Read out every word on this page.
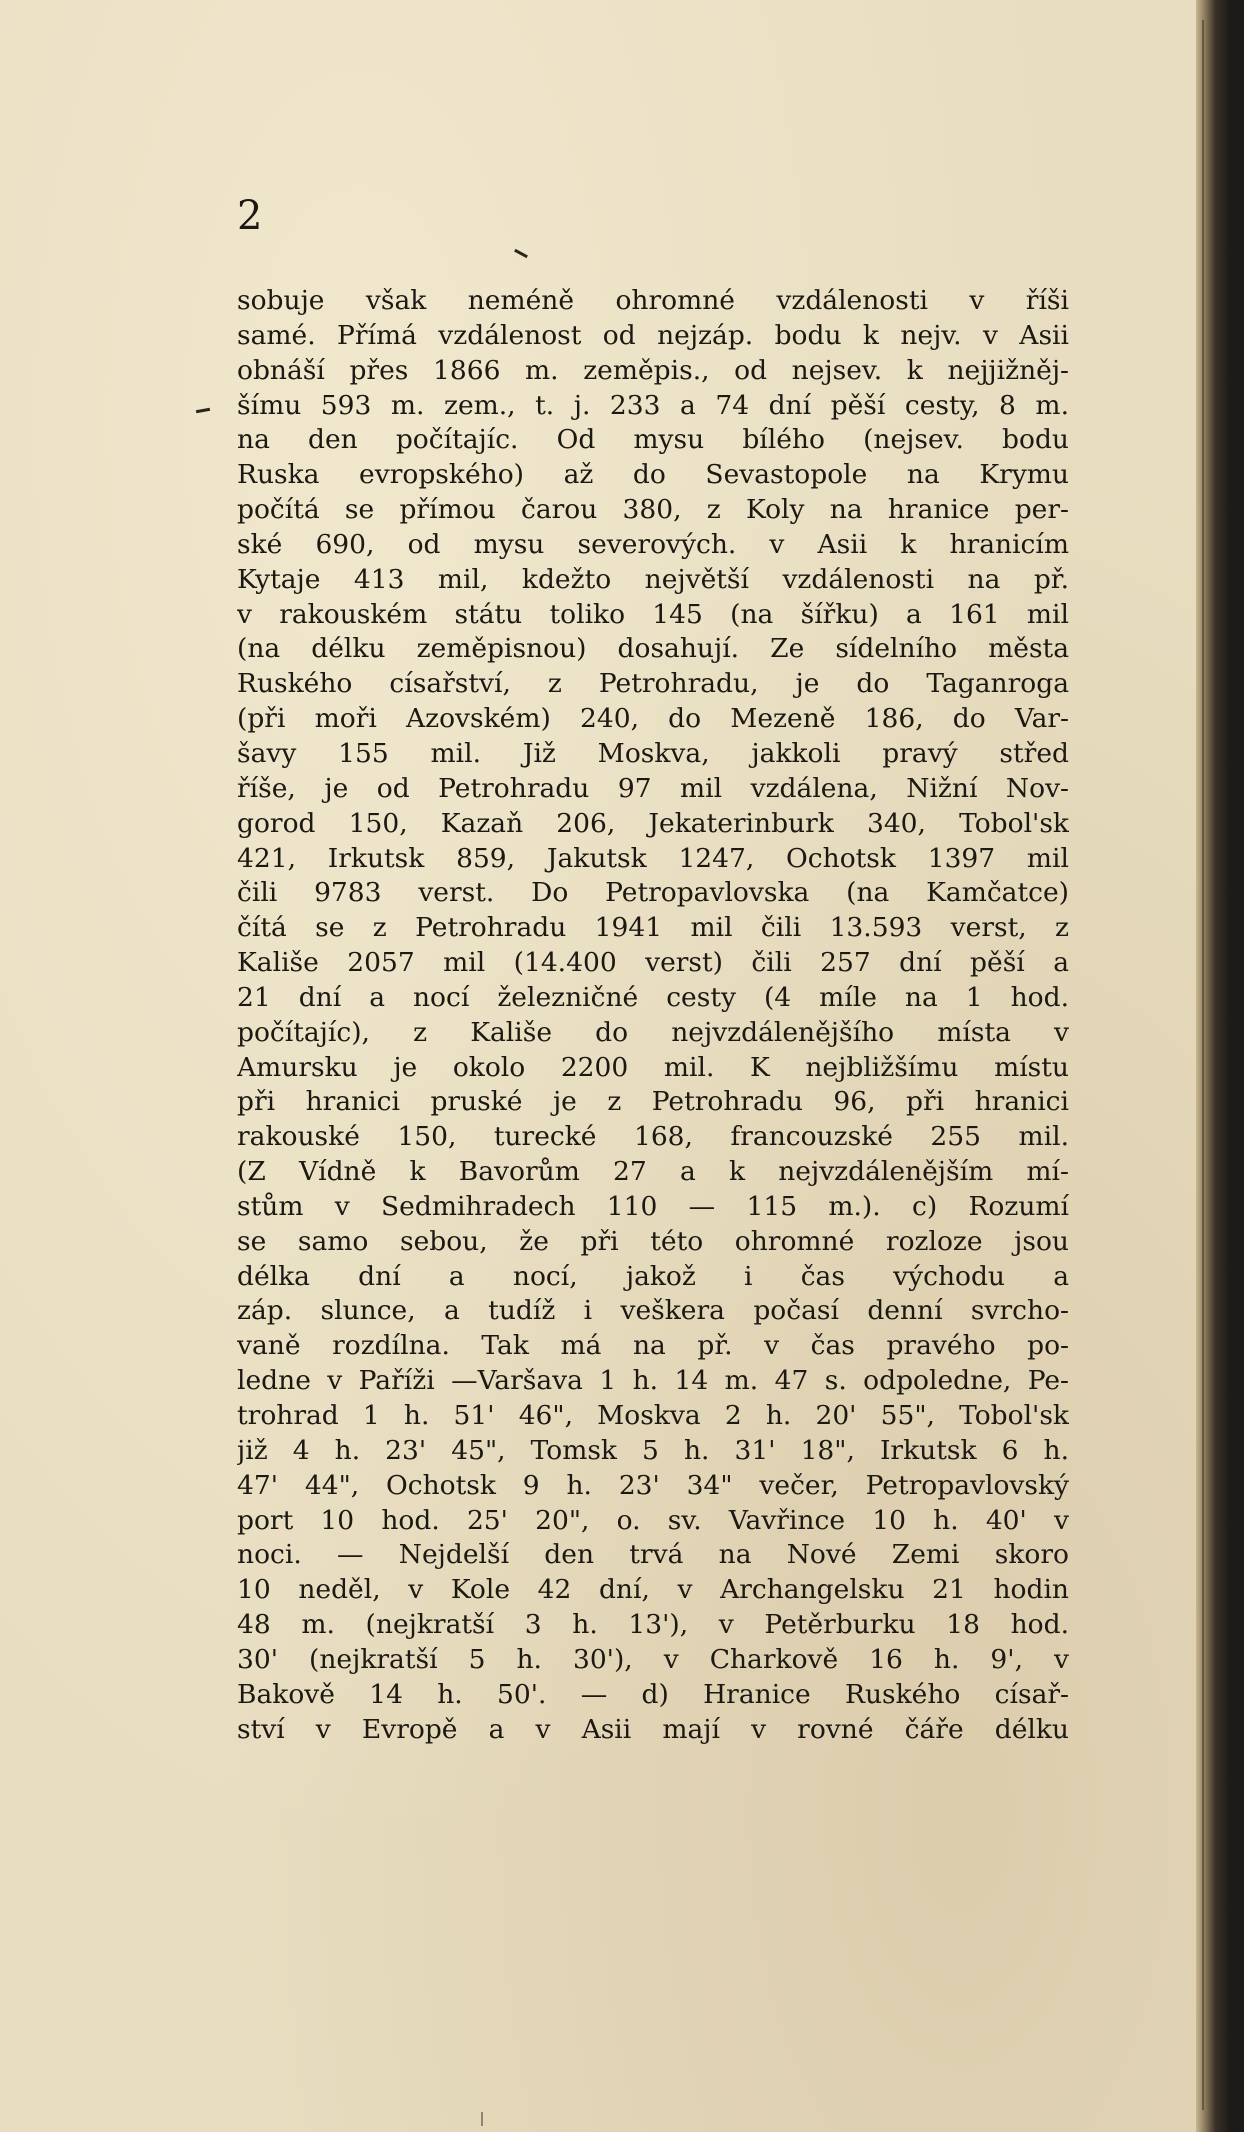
2
sobuje však neméně ohromné vzdálenosti v říši
samé. Přímá vzdálenost od nejzáp. bodu k nejv. v Asii
obnáší přes 1866 m. zeměpis., od nejsev. k nejjižněj-
šímu 593 m. zem., t. j. 233 a 74 dní pěší cesty, 8 m.
na den počítajíc. Od mysu bílého (nejsev. bodu
Ruska evropského) až do Sevastopole na Krymu
počítá se přímou čarou 380, z Koly na hranice per-
ské 690, od mysu severových. v Asii k hranicím
Kytaje 413 mil, kdežto největší vzdálenosti na př.
v rakouském státu toliko 145 (na šířku) a 161 mil
(na délku zeměpisnou) dosahují. Ze sídelního města
Ruského císařství, z Petrohradu, je do Taganroga
(při moři Azovském) 240, do Mezeně 186, do Var-
šavy 155 mil. Již Moskva, jakkoli pravý střed
říše, je od Petrohradu 97 mil vzdálena, Nižní Nov-
gorod 150, Kazaň 206, Jekaterinburk 340, Tobol'sk
421, Irkutsk 859, Jakutsk 1247, Ochotsk 1397 mil
čili 9783 verst. Do Petropavlovska (na Kamčatce)
čítá se z Petrohradu 1941 mil čili 13.593 verst, z
Kališe 2057 mil (14.400 verst) čili 257 dní pěší a
21 dní a nocí železničné cesty (4 míle na 1 hod.
počítajíc), z Kališe do nejvzdálenějšího místa v
Amursku je okolo 2200 mil. K nejbližšímu místu
při hranici pruské je z Petrohradu 96, při hranici
rakouské 150, turecké 168, francouzské 255 mil.
(Z Vídně k Bavorům 27 a k nejvzdálenějším mí-
stům v Sedmihradech 110 — 115 m.). c) Rozumí
se samo sebou, že při této ohromné rozloze jsou
délka dní a nocí, jakož i čas východu a
záp. slunce, a tudíž i veškera počasí denní svrcho-
vaně rozdílna. Tak má na př. v čas pravého po-
ledne v Paříži —Varšava 1 h. 14 m. 47 s. odpoledne, Pe-
trohrad 1 h. 51' 46", Moskva 2 h. 20' 55", Tobol'sk
již 4 h. 23' 45", Tomsk 5 h. 31' 18", Irkutsk 6 h.
47' 44", Ochotsk 9 h. 23' 34" večer, Petropavlovský
port 10 hod. 25' 20", o. sv. Vavřince 10 h. 40' v
noci. — Nejdelší den trvá na Nové Zemi skoro
10 neděl, v Kole 42 dní, v Archangelsku 21 hodin
48 m. (nejkratší 3 h. 13'), v Petěrburku 18 hod.
30' (nejkratší 5 h. 30'), v Charkově 16 h. 9', v
Bakově 14 h. 50'. — d) Hranice Ruského císař-
ství v Evropě a v Asii mají v rovné čáře délku
